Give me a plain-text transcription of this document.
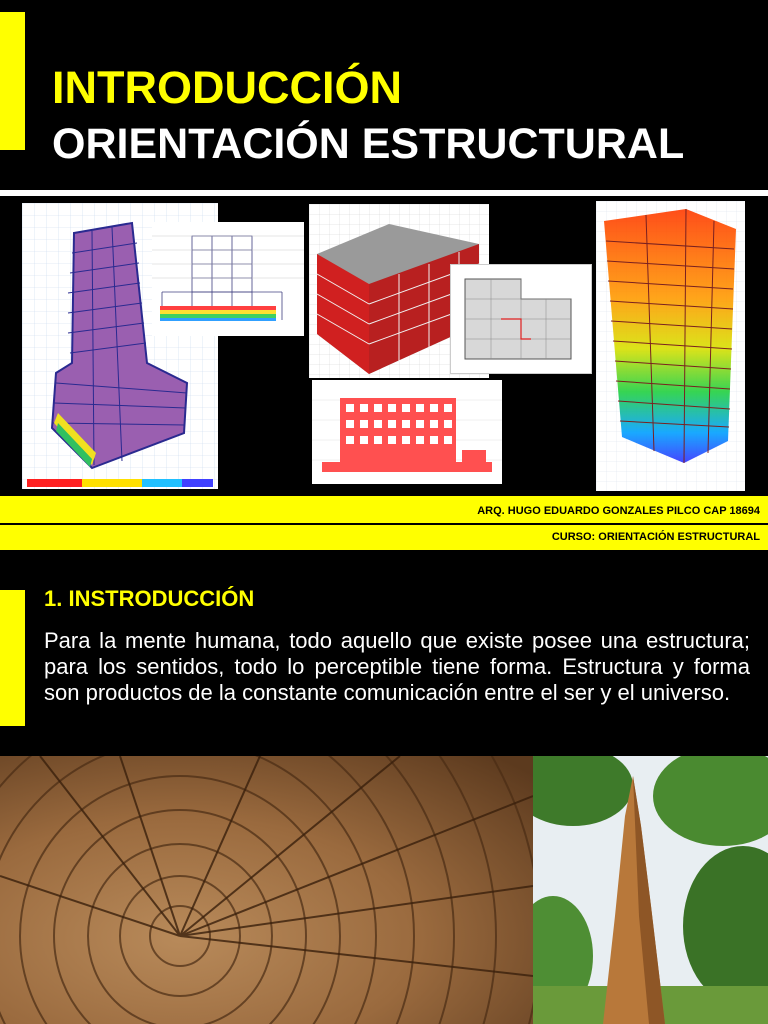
INTRODUCCIÓN
ORIENTACIÓN ESTRUCTURAL
ARQ. HUGO EDUARDO GONZALES PILCO CAP 18694
CURSO: ORIENTACIÓN ESTRUCTURAL
1. INSTRODUCCIÓN
Para la mente humana, todo aquello que existe posee una estructura; para los sentidos, todo lo perceptible tiene forma. Estructura y forma son productos de la constante comunicación entre el ser y el universo.
